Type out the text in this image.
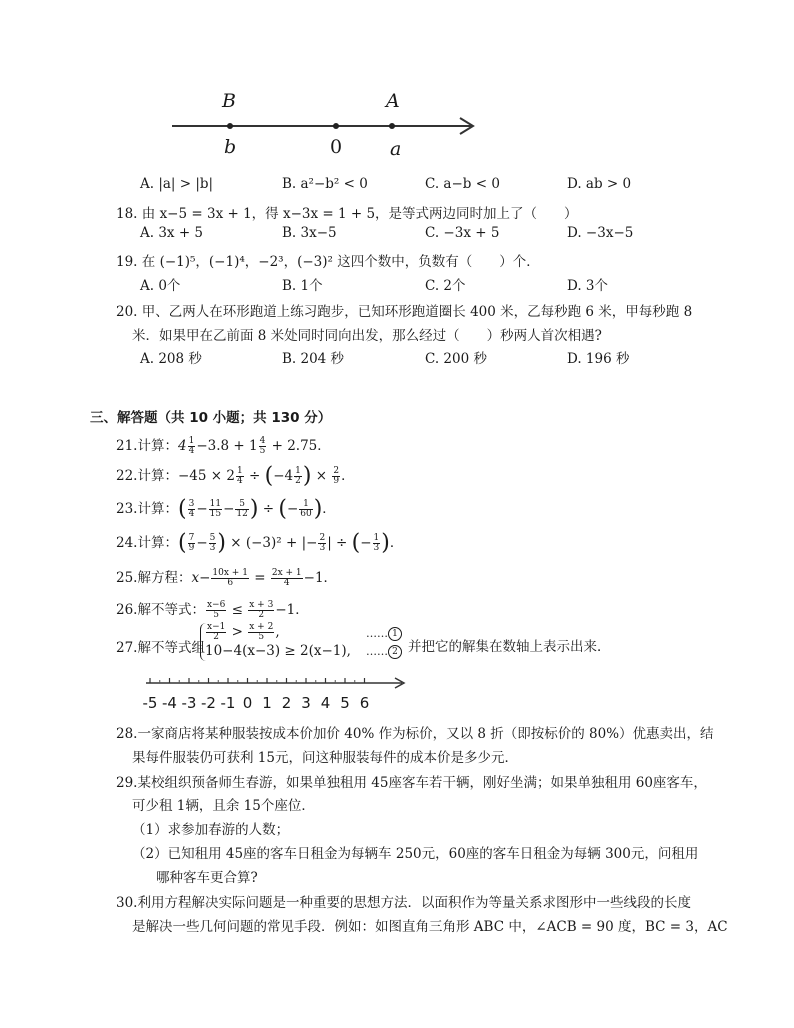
B	A
b	0	a
A. |a| > |b|	B. a²−b² < 0	C. a−b < 0	D. ab > 0
18. 由 x−5 = 3x + 1，得 x−3x = 1 + 5，是等式两边同时加上了（　　）
A. 3x + 5	B. 3x−5	C. −3x + 5	D. −3x−5
19. 在 (−1)⁵，(−1)⁴，−2³，(−3)² 这四个数中，负数有（　　）个．
A. 0个	B. 1个	C. 2个	D. 3个
20. 甲、乙两人在环形跑道上练习跑步，已知环形跑道圈长 400 米，乙每秒跑 6 米，甲每秒跑 8
米．如果甲在乙前面 8 米处同时同向出发，那么经过（　　）秒两人首次相遇?
A. 208 秒	B. 204 秒	C. 200 秒	D. 196 秒
三、解答题（共 10 小题；共 130 分）
21.计算：$4 \frac{1}{4} -3.8 + 1 \frac{4}{5} + 2.75$．
22.计算：$-45 \times 2 \frac{1}{4} \div (-4 \frac{1}{2}$ ) × $\frac{2}{9}$ ．
23.计算：( $\frac{3}{4} - \frac{11}{15} - \frac{5}{12}$ ) ÷ (− $\frac{1}{60}$ )．
24.计算：( $\frac{7}{9} - \frac{5}{3}$ ) × (−3)² + |− $\frac{2}{3}$ | ÷ (− $\frac{1}{3}$ )．
25.解方程：$x- \frac{10x + 1}{6} = \frac{2x + 1}{4} -1$．
26.解不等式： $\frac{x-6}{5} \le \frac{x + 3}{2} -1$．
27.解不等式组
$\frac{x-1}{2} > \frac{x + 2}{5}$ ,
10−4(x−3) ≥ 2(x−1),
…… 1
…… 2 并把它的解集在数轴上表示出来．
-5 -4 -3 -2 -1 0 1 2 3 4 5 6
28.一家商店将某种服装按成本价加价 40% 作为标价，又以 8 折（即按标价的 80%）优惠卖出，结
果每件服装仍可获利 15元，问这种服装每件的成本价是多少元．
29.某校组织预备师生春游，如果单独租用 45座客车若干辆，刚好坐满；如果单独租用 60座客车，
可少租 1辆，且余 15个座位．
（1）求参加春游的人数；
（2）已知租用 45座的客车日租金为每辆车 250元，60座的客车日租金为每辆 300元，问租用
哪种客车更合算?
30.利用方程解决实际问题是一种重要的思想方法．以面积作为等量关系求图形中一些线段的长度
是解决一些几何问题的常见手段．例如：如图直角三角形 ABC 中，∠ACB = 90 度，BC = 3，AC
